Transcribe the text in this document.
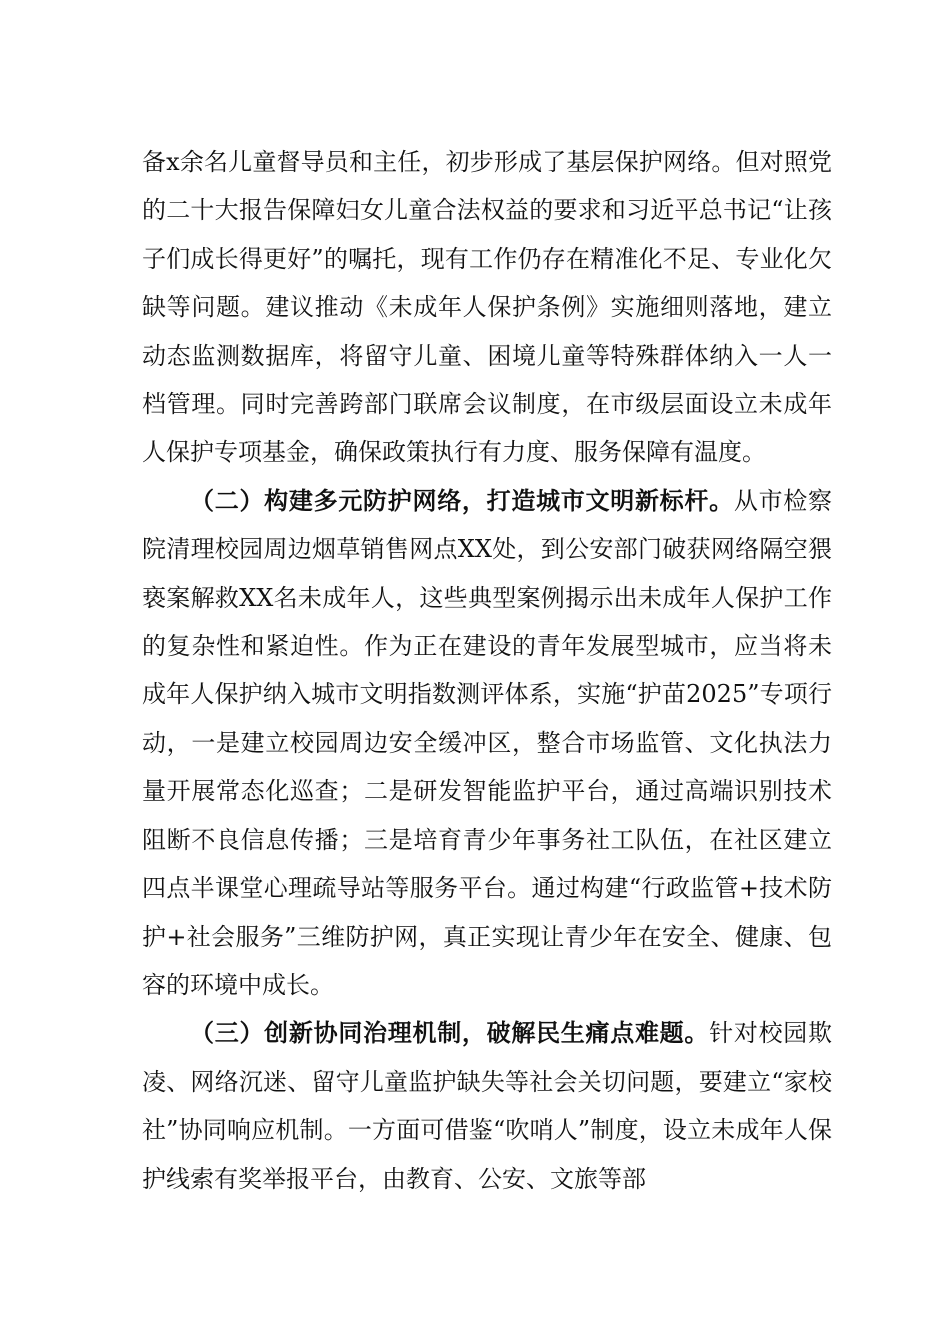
备x余名儿童督导员和主任，初步形成了基层保护网络。但对照党的二十大报告保障妇女儿童合法权益的要求和习近平总书记“让孩子们成长得更好”的嘱托，现有工作仍存在精准化不足、专业化欠缺等问题。建议推动《未成年人保护条例》实施细则落地，建立动态监测数据库，将留守儿童、困境儿童等特殊群体纳入一人一档管理。同时完善跨部门联席会议制度，在市级层面设立未成年人保护专项基金，确保政策执行有力度、服务保障有温度。

（二）构建多元防护网络，打造城市文明新标杆。从市检察院清理校园周边烟草销售网点XX处，到公安部门破获网络隔空猥亵案解救XX名未成年人，这些典型案例揭示出未成年人保护工作的复杂性和紧迫性。作为正在建设的青年发展型城市，应当将未成年人保护纳入城市文明指数测评体系，实施“护苗2025”专项行动，一是建立校园周边安全缓冲区，整合市场监管、文化执法力量开展常态化巡查；二是研发智能监护平台，通过高端识别技术阻断不良信息传播；三是培育青少年事务社工队伍，在社区建立四点半课堂心理疏导站等服务平台。通过构建“行政监管+技术防护+社会服务”三维防护网，真正实现让青少年在安全、健康、包容的环境中成长。

（三）创新协同治理机制，破解民生痛点难题。针对校园欺凌、网络沉迷、留守儿童监护缺失等社会关切问题，要建立“家校社”协同响应机制。一方面可借鉴“吹哨人”制度，设立未成年人保护线索有奖举报平台，由教育、公安、文旅等部
